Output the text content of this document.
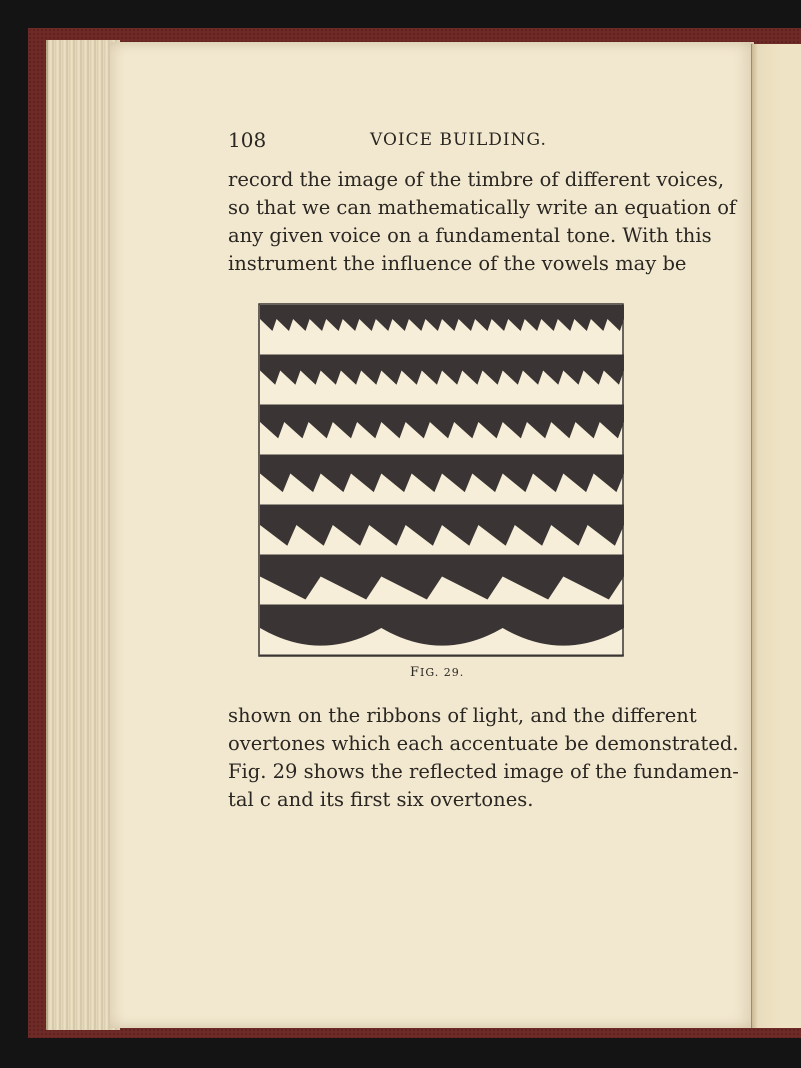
108	VOICE BUILDING.
record the image of the timbre of different voices,
so that we can mathematically write an equation of
any given voice on a fundamental tone. With this
instrument the influence of the vowels may be
FIG. 29.
shown on the ribbons of light, and the different
overtones which each accentuate be demonstrated.
Fig. 29 shows the reflected image of the fundamen-
tal c and its first six overtones.
